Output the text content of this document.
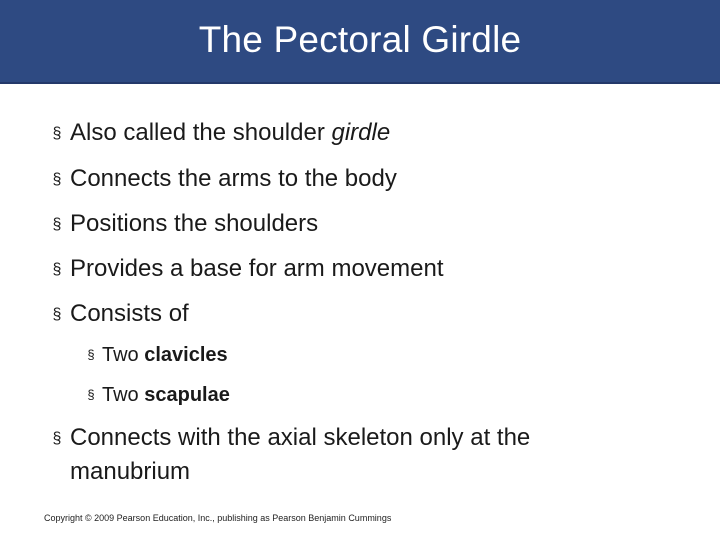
The Pectoral Girdle
§ Also called the shoulder girdle
§ Connects the arms to the body
§ Positions the shoulders
§ Provides a base for arm movement
§ Consists of
§ Two clavicles
§ Two scapulae
§ Connects with the axial skeleton only at the
manubrium
Copyright © 2009 Pearson Education, Inc., publishing as Pearson Benjamin Cummings
